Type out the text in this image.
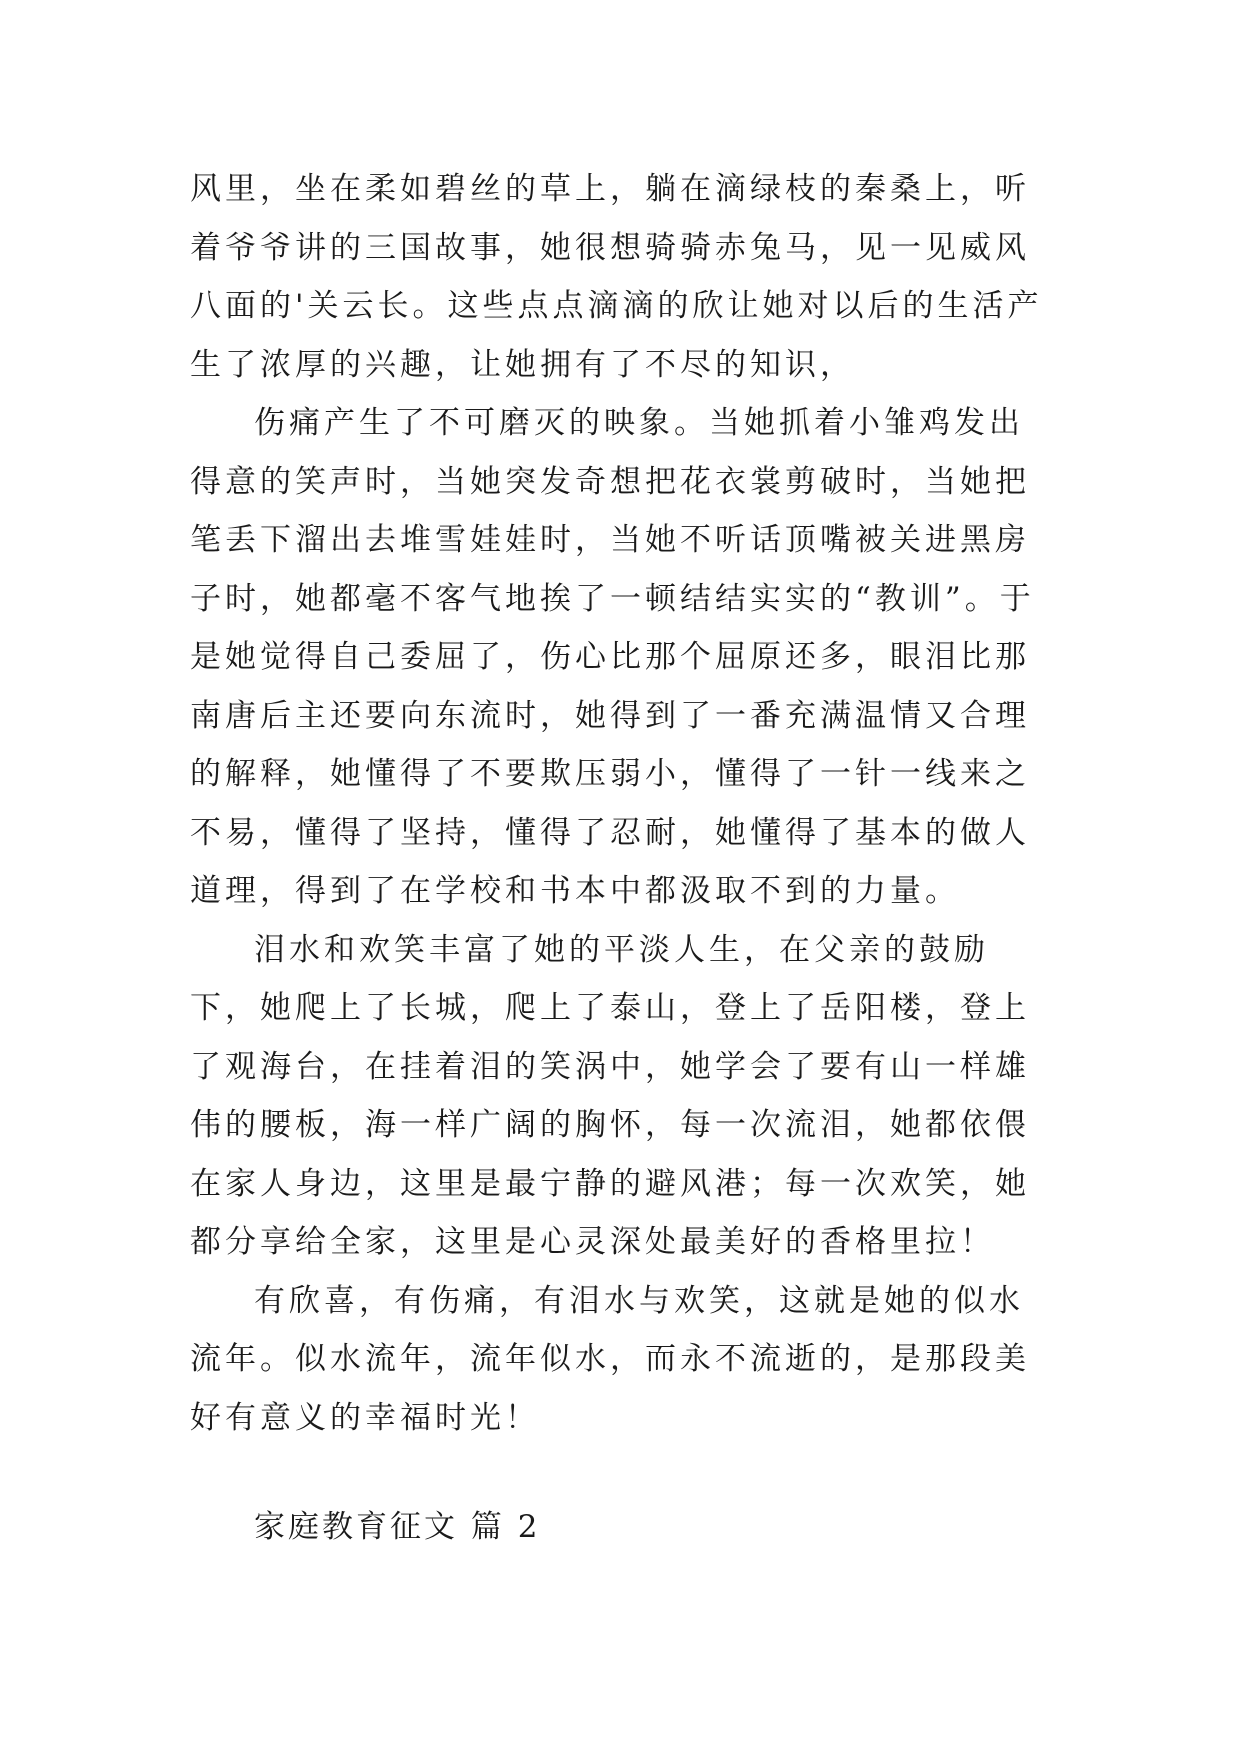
风里，坐在柔如碧丝的草上，躺在滴绿枝的秦桑上，听着爷爷讲的三国故事，她很想骑骑赤兔马，见一见威风八面的'关云长。这些点点滴滴的欣让她对以后的生活产生了浓厚的兴趣，让她拥有了不尽的知识，

伤痛产生了不可磨灭的映象。当她抓着小雏鸡发出得意的笑声时，当她突发奇想把花衣裳剪破时，当她把笔丢下溜出去堆雪娃娃时，当她不听话顶嘴被关进黑房子时，她都毫不客气地挨了一顿结结实实的“教训”。于是她觉得自己委屈了，伤心比那个屈原还多，眼泪比那南唐后主还要向东流时，她得到了一番充满温情又合理的解释，她懂得了不要欺压弱小，懂得了一针一线来之不易，懂得了坚持，懂得了忍耐，她懂得了基本的做人道理，得到了在学校和书本中都汲取不到的力量。

泪水和欢笑丰富了她的平淡人生，在父亲的鼓励下，她爬上了长城，爬上了泰山，登上了岳阳楼，登上了观海台，在挂着泪的笑涡中，她学会了要有山一样雄伟的腰板，海一样广阔的胸怀，每一次流泪，她都依偎在家人身边，这里是最宁静的避风港；每一次欢笑，她都分享给全家，这里是心灵深处最美好的香格里拉！

有欣喜，有伤痛，有泪水与欢笑，这就是她的似水流年。似水流年，流年似水，而永不流逝的，是那段美好有意义的幸福时光！

家庭教育征文 篇 2
